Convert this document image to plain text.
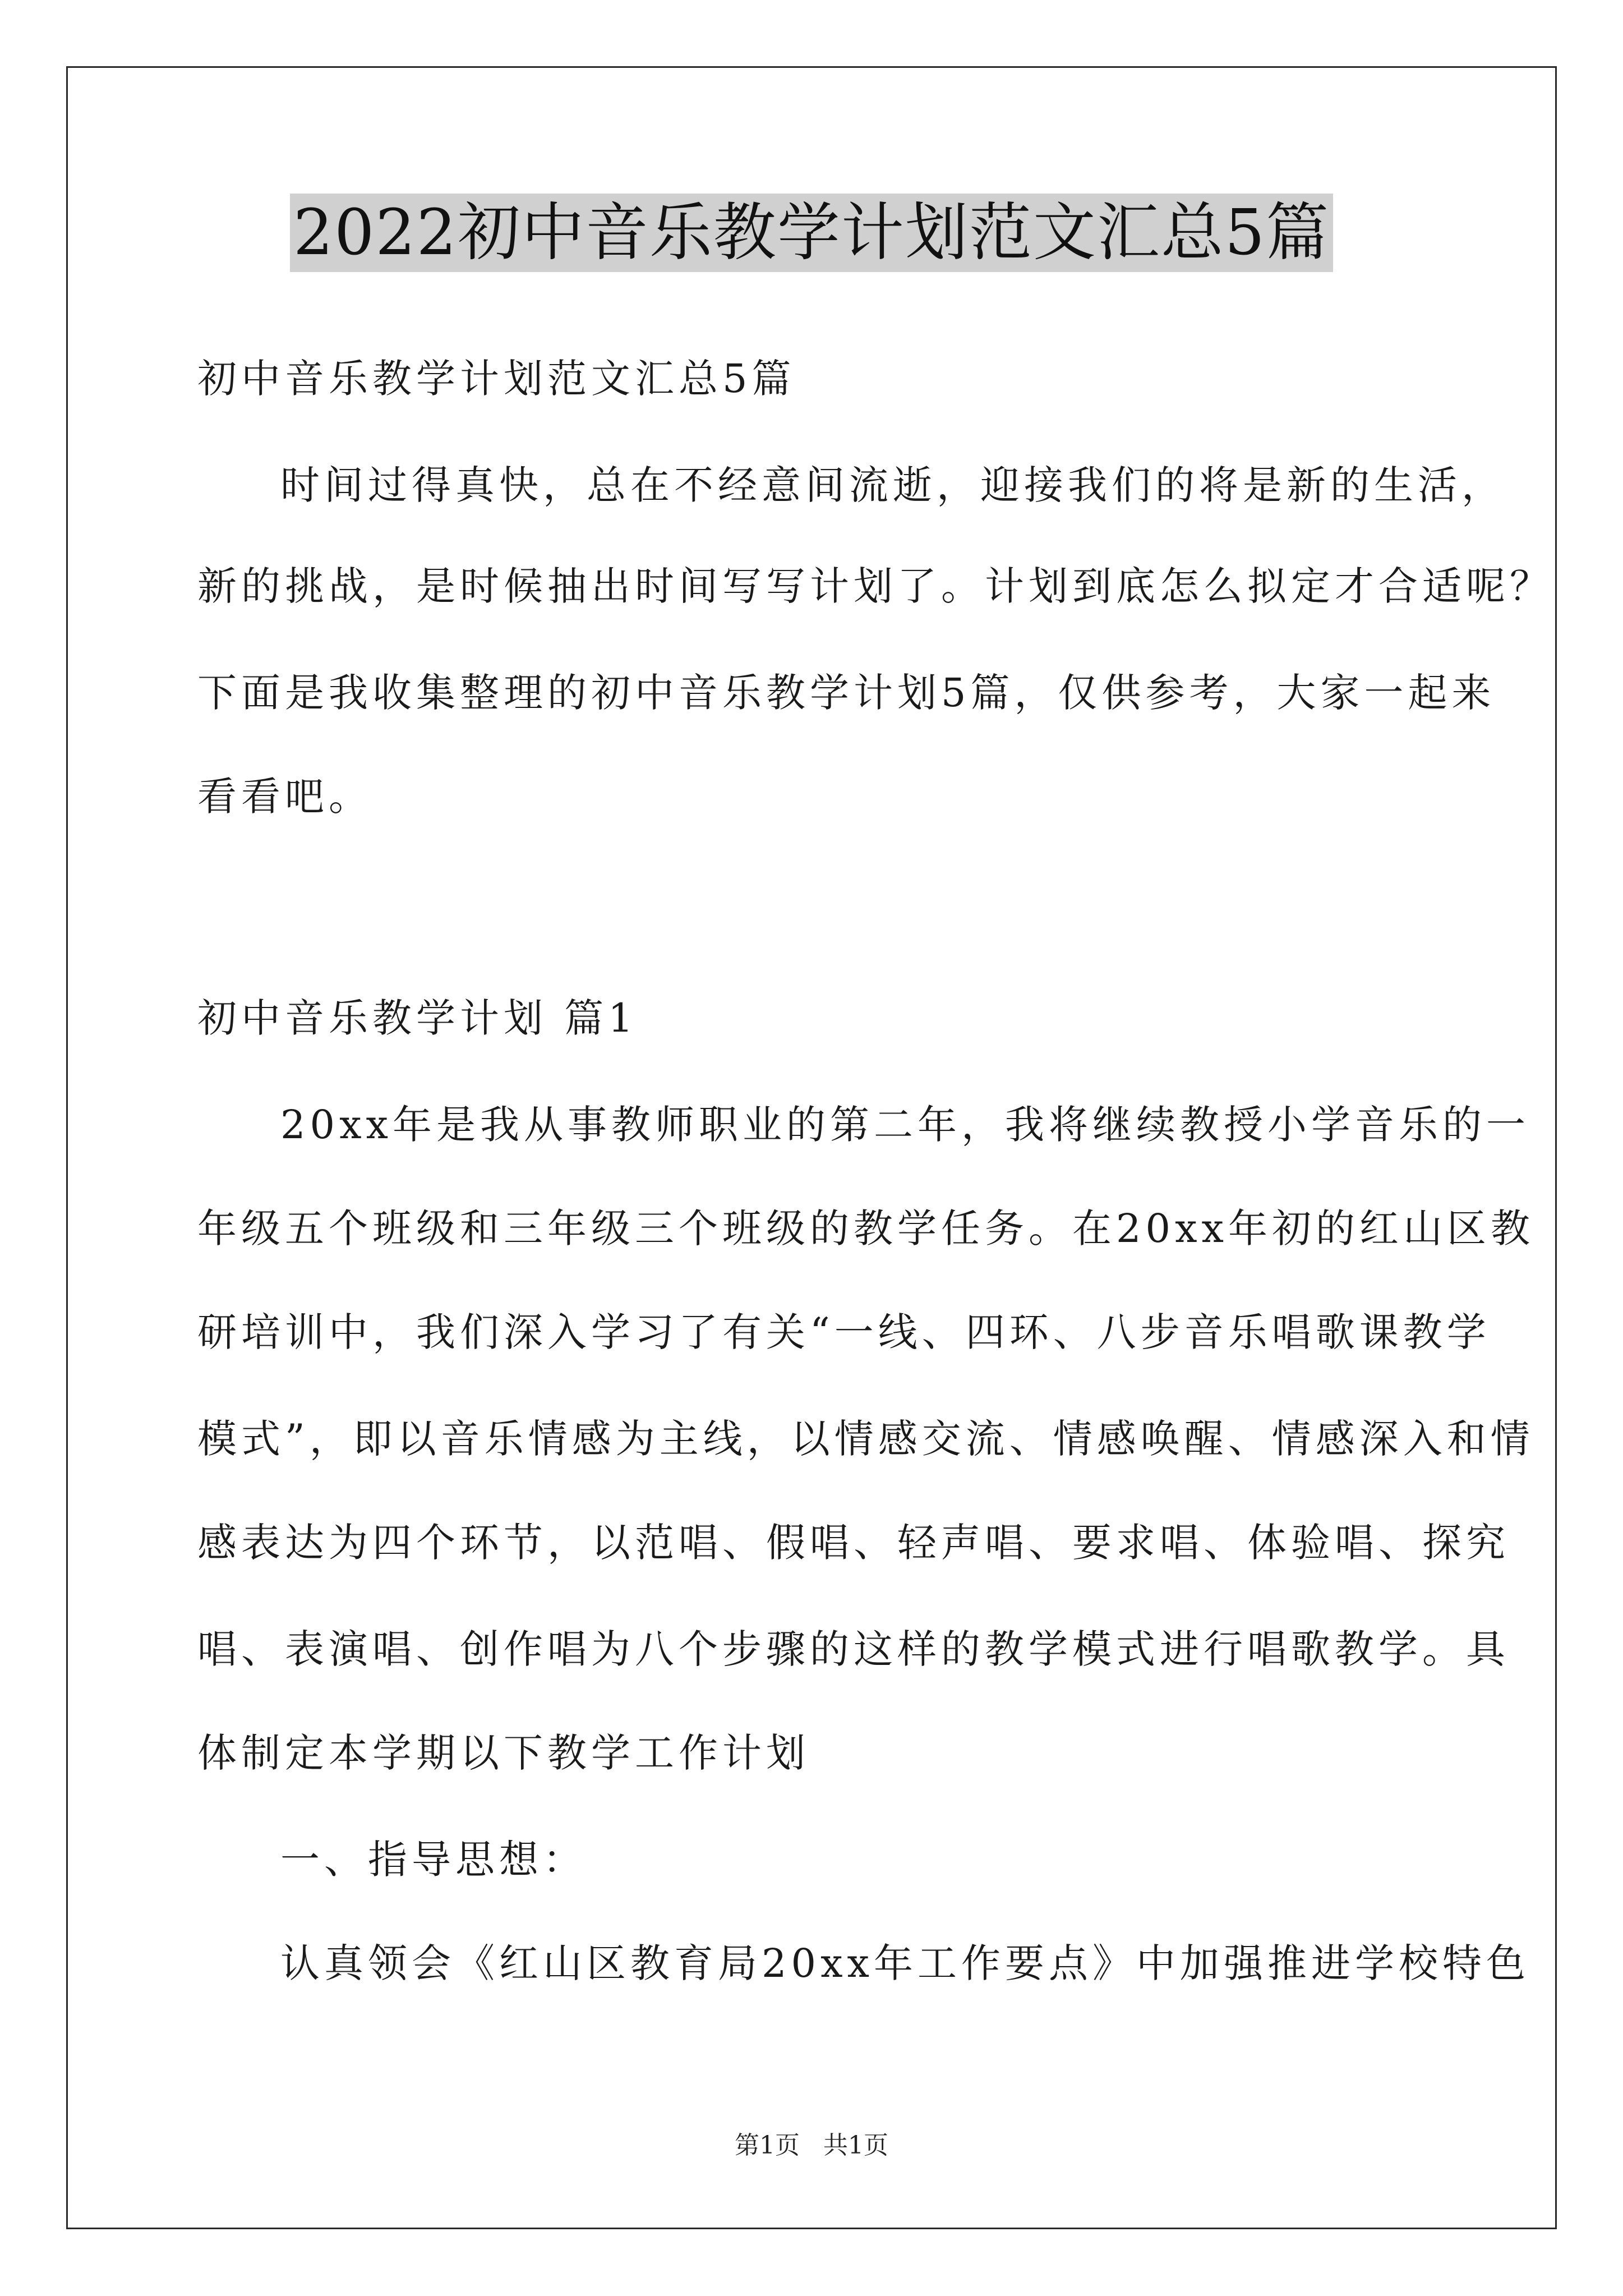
2022初中音乐教学计划范文汇总5篇
初中音乐教学计划范文汇总5篇
时间过得真快，总在不经意间流逝，迎接我们的将是新的生活，
新的挑战，是时候抽出时间写写计划了。计划到底怎么拟定才合适呢？
下面是我收集整理的初中音乐教学计划5篇，仅供参考，大家一起来
看看吧。
初中音乐教学计划 篇1
20xx年是我从事教师职业的第二年，我将继续教授小学音乐的一
年级五个班级和三年级三个班级的教学任务。在20xx年初的红山区教
研培训中，我们深入学习了有关“一线、四环、八步音乐唱歌课教学
模式”，即以音乐情感为主线，以情感交流、情感唤醒、情感深入和情
感表达为四个环节，以范唱、假唱、轻声唱、要求唱、体验唱、探究
唱、表演唱、创作唱为八个步骤的这样的教学模式进行唱歌教学。具
体制定本学期以下教学工作计划
一、指导思想：
认真领会《红山区教育局20xx年工作要点》中加强推进学校特色
第1页 共1页
